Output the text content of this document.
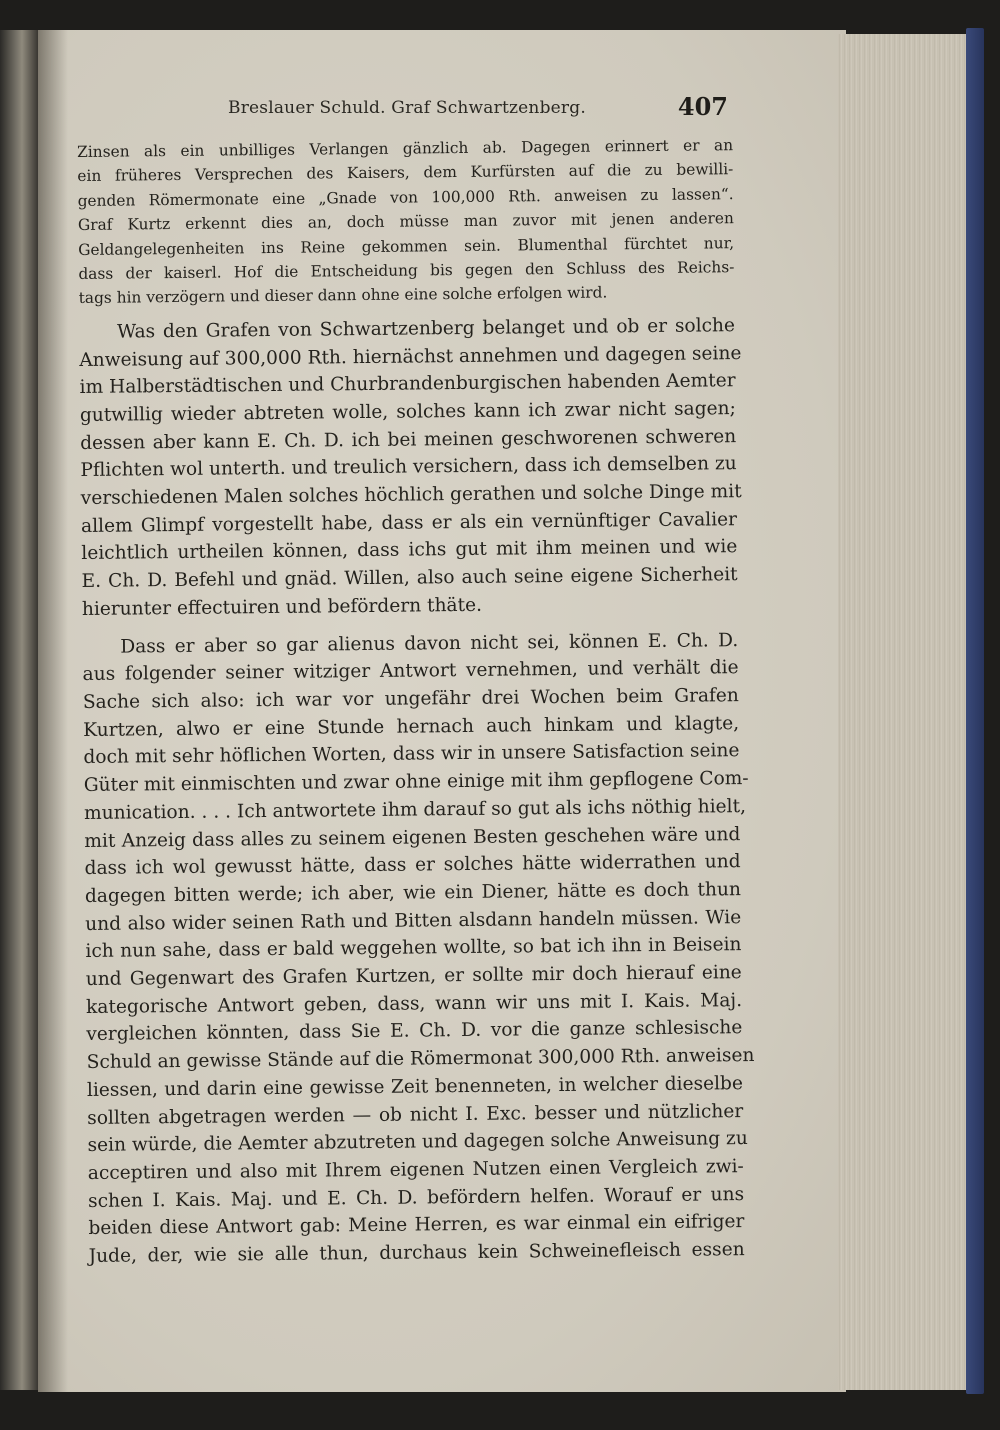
Breslauer Schuld. Graf Schwartzenberg.	407
Zinsen als ein unbilliges Verlangen gänzlich ab. Dagegen erinnert er an
ein früheres Versprechen des Kaisers, dem Kurfürsten auf die zu bewilli-
genden Römermonate eine „Gnade von 100,000 Rth. anweisen zu lassen“.
Graf Kurtz erkennt dies an, doch müsse man zuvor mit jenen anderen
Geldangelegenheiten ins Reine gekommen sein. Blumenthal fürchtet nur,
dass der kaiserl. Hof die Entscheidung bis gegen den Schluss des Reichs-
tags hin verzögern und dieser dann ohne eine solche erfolgen wird.
Was den Grafen von Schwartzenberg belanget und ob er solche
Anweisung auf 300,000 Rth. hiernächst annehmen und dagegen seine
im Halberstädtischen und Churbrandenburgischen habenden Aemter
gutwillig wieder abtreten wolle, solches kann ich zwar nicht sagen;
dessen aber kann E. Ch. D. ich bei meinen geschworenen schweren
Pflichten wol unterth. und treulich versichern, dass ich demselben zu
verschiedenen Malen solches höchlich gerathen und solche Dinge mit
allem Glimpf vorgestellt habe, dass er als ein vernünftiger Cavalier
leichtlich urtheilen können, dass ichs gut mit ihm meinen und wie
E. Ch. D. Befehl und gnäd. Willen, also auch seine eigene Sicherheit
hierunter effectuiren und befördern thäte.
Dass er aber so gar alienus davon nicht sei, können E. Ch. D.
aus folgender seiner witziger Antwort vernehmen, und verhält die
Sache sich also: ich war vor ungefähr drei Wochen beim Grafen
Kurtzen, alwo er eine Stunde hernach auch hinkam und klagte,
doch mit sehr höflichen Worten, dass wir in unsere Satisfaction seine
Güter mit einmischten und zwar ohne einige mit ihm gepflogene Com-
munication. . . . Ich antwortete ihm darauf so gut als ichs nöthig hielt,
mit Anzeig dass alles zu seinem eigenen Besten geschehen wäre und
dass ich wol gewusst hätte, dass er solches hätte widerrathen und
dagegen bitten werde; ich aber, wie ein Diener, hätte es doch thun
und also wider seinen Rath und Bitten alsdann handeln müssen. Wie
ich nun sahe, dass er bald weggehen wollte, so bat ich ihn in Beisein
und Gegenwart des Grafen Kurtzen, er sollte mir doch hierauf eine
kategorische Antwort geben, dass, wann wir uns mit I. Kais. Maj.
vergleichen könnten, dass Sie E. Ch. D. vor die ganze schlesische
Schuld an gewisse Stände auf die Römermonat 300,000 Rth. anweisen
liessen, und darin eine gewisse Zeit benenneten, in welcher dieselbe
sollten abgetragen werden — ob nicht I. Exc. besser und nützlicher
sein würde, die Aemter abzutreten und dagegen solche Anweisung zu
acceptiren und also mit Ihrem eigenen Nutzen einen Vergleich zwi-
schen I. Kais. Maj. und E. Ch. D. befördern helfen. Worauf er uns
beiden diese Antwort gab: Meine Herren, es war einmal ein eifriger
Jude, der, wie sie alle thun, durchaus kein Schweinefleisch essen
